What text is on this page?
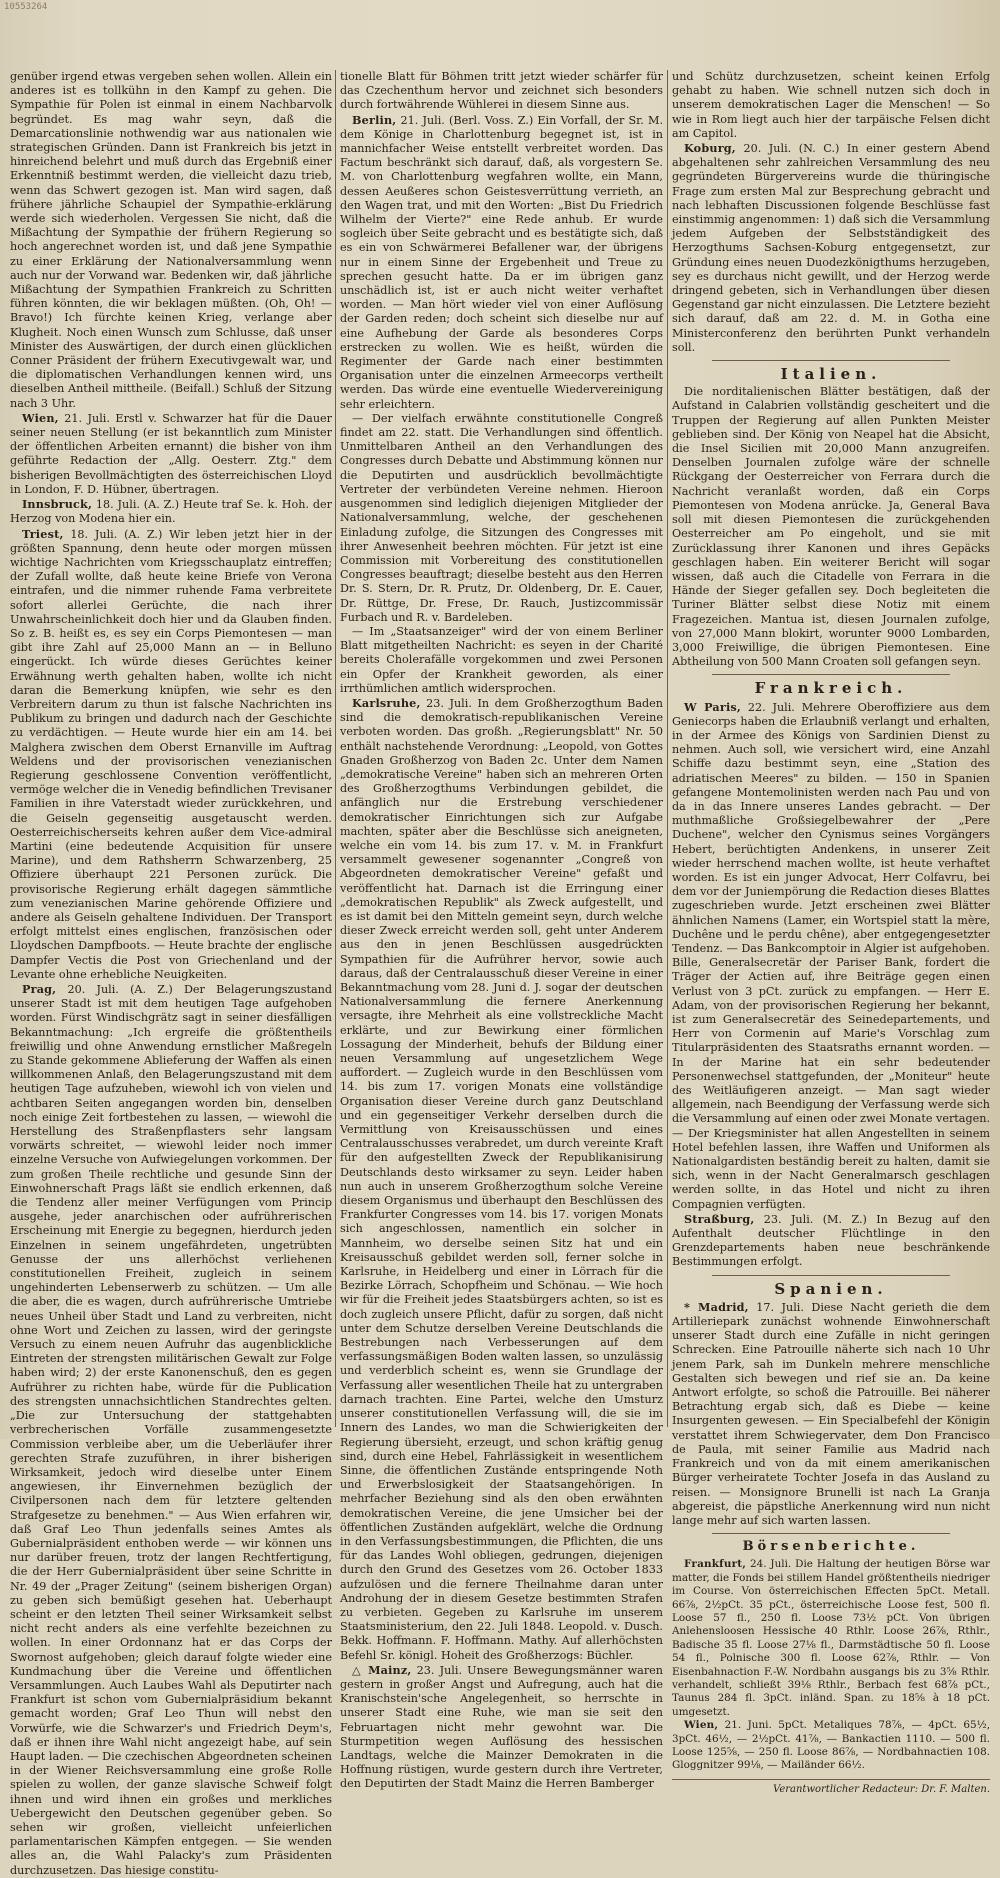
10553264

genüber irgend etwas vergeben sehen wollen. Allein ein anderes ist es tollkühn in den Kampf zu gehen. Die Sympathie für Polen ist einmal in einem Nachbarvolk begründet. Es mag wahr seyn, daß die Demarcationslinie nothwendig war aus nationalen wie strategischen Gründen. Dann ist Frankreich bis jetzt in hinreichend belehrt und muß durch das Ergebniß einer Erkenntniß bestimmt werden, die vielleicht dazu trieb, wenn das Schwert gezogen ist. Man wird sagen, daß frühere jährliche Schaupiel der Sympathie-erklärung werde sich wiederholen. Vergessen Sie nicht, daß die Mißachtung der Sympathie der frühern Regierung so hoch angerechnet worden ist, und daß jene Sympathie zu einer Erklärung der Nationalversammlung wenn auch nur der Vorwand war. Bedenken wir, daß jährliche Mißachtung der Sympathien Frankreich zu Schritten führen könnten, die wir beklagen müßten. (Oh, Oh! — Bravo!) Ich fürchte keinen Krieg, verlange aber Klugheit. Noch einen Wunsch zum Schlusse, daß unser Minister des Auswärtigen, der durch einen glücklichen Conner Präsident der frühern Executivgewalt war, und die diplomatischen Verhandlungen kennen wird, uns dieselben Antheil mittheile. (Beifall.) Schluß der Sitzung nach 3 Uhr.

Wien, 21. Juli. Erstl v. Schwarzer hat für die Dauer seiner neuen Stellung (er ist bekanntlich zum Minister der öffentlichen Arbeiten ernannt) die bisher von ihm geführte Redaction der „Allg. Oesterr. Ztg." dem bisherigen Bevollmächtigten des österreichischen Lloyd in London, F. D. Hübner, übertragen.

Innsbruck, 18. Juli. (A. Z.) Heute traf Se. k. Hoh. der Herzog von Modena hier ein.

Triest, 18. Juli. (A. Z.) Wir leben jetzt hier in der größten Spannung, denn heute oder morgen müssen wichtige Nachrichten vom Kriegsschauplatz eintreffen; der Zufall wollte, daß heute keine Briefe von Verona eintrafen, und die nimmer ruhende Fama verbreitete sofort allerlei Gerüchte, die nach ihrer Unwahrscheinlichkeit doch hier und da Glauben finden. So z. B. heißt es, es sey ein Corps Piemontesen — man gibt ihre Zahl auf 25,000 Mann an — in Belluno eingerückt. Ich würde dieses Gerüchtes keiner Erwähnung werth gehalten haben, wollte ich nicht daran die Bemerkung knüpfen, wie sehr es den Verbreitern darum zu thun ist falsche Nachrichten ins Publikum zu bringen und dadurch nach der Geschichte zu verdächtigen. — Heute wurde hier ein am 14. bei Malghera zwischen dem Oberst Ernanville im Auftrag Weldens und der provisorischen venezianischen Regierung geschlossene Convention veröffentlicht, vermöge welcher die in Venedig befindlichen Trevisaner Familien in ihre Vaterstadt wieder zurückkehren, und die Geiseln gegenseitig ausgetauscht werden. Oesterreichischerseits kehren außer dem Vice-admiral Martini (eine bedeutende Acquisition für unsere Marine), und dem Rathsherrn Schwarzenberg, 25 Offiziere überhaupt 221 Personen zurück. Die provisorische Regierung erhält dagegen sämmtliche zum venezianischen Marine gehörende Offiziere und andere als Geiseln gehaltene Individuen. Der Transport erfolgt mittelst eines englischen, französischen oder Lloydschen Dampfboots. — Heute brachte der englische Dampfer Vectis die Post von Griechenland und der Levante ohne erhebliche Neuigkeiten.

Prag, 20. Juli. (A. Z.) Der Belagerungszustand unserer Stadt ist mit dem heutigen Tage aufgehoben worden. Fürst Windischgrätz sagt in seiner diesfälligen Bekanntmachung: „Ich ergreife die größtentheils freiwillig und ohne Anwendung ernstlicher Maßregeln zu Stande gekommene Ablieferung der Waffen als einen willkommenen Anlaß, den Belagerungszustand mit dem heutigen Tage aufzuheben, wiewohl ich von vielen und achtbaren Seiten angegangen worden bin, denselben noch einige Zeit fortbestehen zu lassen, — wiewohl die Herstellung des Straßenpflasters sehr langsam vorwärts schreitet, — wiewohl leider noch immer einzelne Versuche von Aufwiegelungen vorkommen. Der zum großen Theile rechtliche und gesunde Sinn der Einwohnerschaft Prags läßt sie endlich erkennen, daß die Tendenz aller meiner Verfügungen vom Princip ausgehe, jeder anarchischen oder aufrührerischen Erscheinung mit Energie zu begegnen, hierdurch jeden Einzelnen in seinem ungefährdeten, ungetrübten Genusse der uns allerhöchst verliehenen constitutionellen Freiheit, zugleich in seinem ungehinderten Lebenserwerb zu schützen. — Um alle die aber, die es wagen, durch aufrührerische Umtriebe neues Unheil über Stadt und Land zu verbreiten, nicht ohne Wort und Zeichen zu lassen, wird der geringste Versuch zu einem neuen Aufruhr das augenblickliche Eintreten der strengsten militärischen Gewalt zur Folge haben wird; 2) der erste Kanonenschuß, den es gegen Aufrührer zu richten habe, würde für die Publication des strengsten unnachsichtlichen Standrechtes gelten. „Die zur Untersuchung der stattgehabten verbrecherischen Vorfälle zusammengesetzte Commission verbleibe aber, um die Ueberläufer ihrer gerechten Strafe zuzuführen, in ihrer bisherigen Wirksamkeit, jedoch wird dieselbe unter Einem angewiesen, ihr Einvernehmen bezüglich der Civilpersonen nach dem für letztere geltenden Strafgesetze zu benehmen." — Aus Wien erfahren wir, daß Graf Leo Thun jedenfalls seines Amtes als Gubernialpräsident enthoben werde — wir können uns nur darüber freuen, trotz der langen Rechtfertigung, die der Herr Gubernialpräsident über seine Schritte in Nr. 49 der „Prager Zeitung" (seinem bisherigen Organ) zu geben sich bemüßigt gesehen hat. Ueberhaupt scheint er den letzten Theil seiner Wirksamkeit selbst nicht recht anders als eine verfehlte bezeichnen zu wollen. In einer Ordonnanz hat er das Corps der Swornost aufgehoben; gleich darauf folgte wieder eine Kundmachung über die Vereine und öffentlichen Versammlungen. Auch Laubes Wahl als Deputirter nach Frankfurt ist schon vom Gubernialpräsidium bekannt gemacht worden; Graf Leo Thun will nebst den Vorwürfe, wie die Schwarzer's und Friedrich Deym's, daß er ihnen ihre Wahl nicht angezeigt habe, auf sein Haupt laden. — Die czechischen Abgeordneten scheinen in der Wiener Reichsversammlung eine große Rolle spielen zu wollen, der ganze slavische Schweif folgt ihnen und wird ihnen ein großes und merkliches Uebergewicht den Deutschen gegenüber geben. So sehen wir großen, vielleicht unfeierlichen parlamentarischen Kämpfen entgegen. — Sie wenden alles an, die Wahl Palacky's zum Präsidenten durchzusetzen. Das hiesige constitu-

tionelle Blatt für Böhmen tritt jetzt wieder schärfer für das Czechenthum hervor und zeichnet sich besonders durch fortwährende Wühlerei in diesem Sinne aus.

Berlin, 21. Juli. (Berl. Voss. Z.) Ein Vorfall, der Sr. M. dem Könige in Charlottenburg begegnet ist, ist in mannichfacher Weise entstellt verbreitet worden. Das Factum beschränkt sich darauf, daß, als vorgestern Se. M. von Charlottenburg wegfahren wollte, ein Mann, dessen Aeußeres schon Geistesverrüttung verrieth, an den Wagen trat, und mit den Worten: „Bist Du Friedrich Wilhelm der Vierte?" eine Rede anhub. Er wurde sogleich über Seite gebracht und es bestätigte sich, daß es ein von Schwärmerei Befallener war, der übrigens nur in einem Sinne der Ergebenheit und Treue zu sprechen gesucht hatte. Da er im übrigen ganz unschädlich ist, ist er auch nicht weiter verhaftet worden. — Man hört wieder viel von einer Auflösung der Garden reden; doch scheint sich dieselbe nur auf eine Aufhebung der Garde als besonderes Corps erstrecken zu wollen. Wie es heißt, würden die Regimenter der Garde nach einer bestimmten Organisation unter die einzelnen Armeecorps vertheilt werden. Das würde eine eventuelle Wiedervereinigung sehr erleichtern.

— Der vielfach erwähnte constitutionelle Congreß findet am 22. statt. Die Verhandlungen sind öffentlich. Unmittelbaren Antheil an den Verhandlungen des Congresses durch Debatte und Abstimmung können nur die Deputirten und ausdrücklich bevollmächtigte Vertreter der verbündeten Vereine nehmen. Hieroon ausgenommen sind lediglich diejenigen Mitglieder der Nationalversammlung, welche, der geschehenen Einladung zufolge, die Sitzungen des Congresses mit ihrer Anwesenheit beehren möchten. Für jetzt ist eine Commission mit Vorbereitung des constitutionellen Congresses beauftragt; dieselbe besteht aus den Herren Dr. S. Stern, Dr. R. Prutz, Dr. Oldenberg, Dr. E. Cauer, Dr. Rüttge, Dr. Frese, Dr. Rauch, Justizcommissär Furbach und R. v. Bardeleben.

— Im „Staatsanzeiger" wird der von einem Berliner Blatt mitgetheilten Nachricht: es seyen in der Charité bereits Cholerafälle vorgekommen und zwei Personen ein Opfer der Krankheit geworden, als einer irrthümlichen amtlich widersprochen.

Karlsruhe, 23. Juli. In dem Großherzogthum Baden sind die demokratisch-republikanischen Vereine verboten worden. Das großh. „Regierungsblatt" Nr. 50 enthält nachstehende Verordnung: „Leopold, von Gottes Gnaden Großherzog von Baden 2c. Unter dem Namen „demokratische Vereine" haben sich an mehreren Orten des Großherzogthums Verbindungen gebildet, die anfänglich nur die Erstrebung verschiedener demokratischer Einrichtungen sich zur Aufgabe machten, später aber die Beschlüsse sich aneigneten, welche ein vom 14. bis zum 17. v. M. in Frankfurt versammelt gewesener sogenannter „Congreß von Abgeordneten demokratischer Vereine" gefaßt und veröffentlicht hat. Darnach ist die Erringung einer „demokratischen Republik" als Zweck aufgestellt, und es ist damit bei den Mitteln gemeint seyn, durch welche dieser Zweck erreicht werden soll, geht unter Anderem aus den in jenen Beschlüssen ausgedrückten Sympathien für die Aufrührer hervor, sowie auch daraus, daß der Centralausschuß dieser Vereine in einer Bekanntmachung vom 28. Juni d. J. sogar der deutschen Nationalversammlung die fernere Anerkennung versagte, ihre Mehrheit als eine vollstreckliche Macht erklärte, und zur Bewirkung einer förmlichen Lossagung der Minderheit, behufs der Bildung einer neuen Versammlung auf ungesetzlichem Wege auffordert. — Zugleich wurde in den Beschlüssen vom 14. bis zum 17. vorigen Monats eine vollständige Organisation dieser Vereine durch ganz Deutschland und ein gegenseitiger Verkehr derselben durch die Vermittlung von Kreisausschüssen und eines Centralausschusses verabredet, um durch vereinte Kraft für den aufgestellten Zweck der Republikanisirung Deutschlands desto wirksamer zu seyn. Leider haben nun auch in unserem Großherzogthum solche Vereine diesem Organismus und überhaupt den Beschlüssen des Frankfurter Congresses vom 14. bis 17. vorigen Monats sich angeschlossen, namentlich ein solcher in Mannheim, wo derselbe seinen Sitz hat und ein Kreisausschuß gebildet werden soll, ferner solche in Karlsruhe, in Heidelberg und einer in Lörrach für die Bezirke Lörrach, Schopfheim und Schönau. — Wie hoch wir für die Freiheit jedes Staatsbürgers achten, so ist es doch zugleich unsere Pflicht, dafür zu sorgen, daß nicht unter dem Schutze derselben Vereine Deutschlands die Bestrebungen nach Verbesserungen auf dem verfassungsmäßigen Boden walten lassen, so unzulässig und verderblich scheint es, wenn sie Grundlage der Verfassung aller wesentlichen Theile hat zu untergraben darnach trachten. Eine Partei, welche den Umsturz unserer constitutionellen Verfassung will, die sie im Innern des Landes, wo man die Schwierigkeiten der Regierung übersieht, erzeugt, und schon kräftig genug sind, durch eine Hebel, Fahrlässigkeit in wesentlichem Sinne, die öffentlichen Zustände entspringende Noth und Erwerbslosigkeit der Staatsangehörigen. In mehrfacher Beziehung sind als den oben erwähnten demokratischen Vereine, die jene Umsicher bei der öffentlichen Zuständen aufgeklärt, welche die Ordnung in den Verfassungsbestimmungen, die Pflichten, die uns für das Landes Wohl obliegen, gedrungen, diejenigen durch den Grund des Gesetzes vom 26. October 1833 aufzulösen und die fernere Theilnahme daran unter Androhung der in diesem Gesetze bestimmten Strafen zu verbieten. Gegeben zu Karlsruhe im unserem Staatsministerium, den 22. Juli 1848. Leopold. v. Dusch. Bekk. Hoffmann. F. Hoffmann. Mathy. Auf allerhöchsten Befehl Sr. königl. Hoheit des Großherzogs: Büchler.

△ Mainz, 23. Juli. Unsere Bewegungsmänner waren gestern in großer Angst und Aufregung, auch hat die Kranischstein'sche Angelegenheit, so herrschte in unserer Stadt eine Ruhe, wie man sie seit den Februartagen nicht mehr gewohnt war. Die Sturmpetition wegen Auflösung des hessischen Landtags, welche die Mainzer Demokraten in die Hoffnung rüstigen, wurde gestern durch ihre Vertreter, den Deputirten der Stadt Mainz die Herren Bamberger

und Schütz durchzusetzen, scheint keinen Erfolg gehabt zu haben. Wie schnell nutzen sich doch in unserem demokratischen Lager die Menschen! — So wie in Rom liegt auch hier der tarpäische Felsen dicht am Capitol.

Koburg, 20. Juli. (N. C.) In einer gestern Abend abgehaltenen sehr zahlreichen Versammlung des neu gegründeten Bürgervereins wurde die thüringische Frage zum ersten Mal zur Besprechung gebracht und nach lebhaften Discussionen folgende Beschlüsse fast einstimmig angenommen: 1) daß sich die Versammlung jedem Aufgeben der Selbstständigkeit des Herzogthums Sachsen-Koburg entgegensetzt, zur Gründung eines neuen Duodezkönigthums herzugeben, sey es durchaus nicht gewillt, und der Herzog werde dringend gebeten, sich in Verhandlungen über diesen Gegenstand gar nicht einzulassen. Die Letztere bezieht sich darauf, daß am 22. d. M. in Gotha eine Ministerconferenz den berührten Punkt verhandeln soll.

Italien.

Die norditalienischen Blätter bestätigen, daß der Aufstand in Calabrien vollständig gescheitert und die Truppen der Regierung auf allen Punkten Meister geblieben sind. Der König von Neapel hat die Absicht, die Insel Sicilien mit 20,000 Mann anzugreifen. Denselben Journalen zufolge wäre der schnelle Rückgang der Oesterreicher von Ferrara durch die Nachricht veranlaßt worden, daß ein Corps Piemontesen von Modena anrücke. Ja, General Bava soll mit diesen Piemontesen die zurückgehenden Oesterreicher am Po eingeholt, und sie mit Zurücklassung ihrer Kanonen und ihres Gepäcks geschlagen haben. Ein weiterer Bericht will sogar wissen, daß auch die Citadelle von Ferrara in die Hände der Sieger gefallen sey. Doch begleiteten die Turiner Blätter selbst diese Notiz mit einem Fragezeichen. Mantua ist, diesen Journalen zufolge, von 27,000 Mann blokirt, worunter 9000 Lombarden, 3,000 Freiwillige, die übrigen Piemontesen. Eine Abtheilung von 500 Mann Croaten soll gefangen seyn.

Frankreich.

W Paris, 22. Juli. Mehrere Oberoffiziere aus dem Geniecorps haben die Erlaubniß verlangt und erhalten, in der Armee des Königs von Sardinien Dienst zu nehmen. Auch soll, wie versichert wird, eine Anzahl Schiffe dazu bestimmt seyn, eine „Station des adriatischen Meeres" zu bilden. — 150 in Spanien gefangene Montemolinisten werden nach Pau und von da in das Innere unseres Landes gebracht. — Der muthmaßliche Großsiegelbewahrer der „Pere Duchene", welcher den Cynismus seines Vorgängers Hebert, berüchtigten Andenkens, in unserer Zeit wieder herrschend machen wollte, ist heute verhaftet worden. Es ist ein junger Advocat, Herr Colfavru, bei dem vor der Juniempörung die Redaction dieses Blattes zugeschrieben wurde. Jetzt erscheinen zwei Blätter ähnlichen Namens (Lamer, ein Wortspiel statt la mère, Duchêne und le perdu chêne), aber entgegengesetzter Tendenz. — Das Bankcomptoir in Algier ist aufgehoben. Bille, Generalsecretär der Pariser Bank, fordert die Träger der Actien auf, ihre Beiträge gegen einen Verlust von 3 pCt. zurück zu empfangen. — Herr E. Adam, von der provisorischen Regierung her bekannt, ist zum Generalsecretär des Seinedepartements, und Herr von Cormenin auf Marie's Vorschlag zum Titularpräsidenten des Staatsraths ernannt worden. — In der Marine hat ein sehr bedeutender Personenwechsel stattgefunden, der „Moniteur" heute des Weitläufigeren anzeigt. — Man sagt wieder allgemein, nach Beendigung der Verfassung werde sich die Versammlung auf einen oder zwei Monate vertagen. — Der Kriegsminister hat allen Angestellten in seinem Hotel befehlen lassen, ihre Waffen und Uniformen als Nationalgardisten beständig bereit zu halten, damit sie sich, wenn in der Nacht Generalmarsch geschlagen werden sollte, in das Hotel und nicht zu ihren Compagnien verfügten.

Straßburg, 23. Juli. (M. Z.) In Bezug auf den Aufenthalt deutscher Flüchtlinge in den Grenzdepartements haben neue beschränkende Bestimmungen erfolgt.

Spanien.

* Madrid, 17. Juli. Diese Nacht gerieth die dem Artilleriepark zunächst wohnende Einwohnerschaft unserer Stadt durch eine Zufälle in nicht geringen Schrecken. Eine Patrouille näherte sich nach 10 Uhr jenem Park, sah im Dunkeln mehrere menschliche Gestalten sich bewegen und rief sie an. Da keine Antwort erfolgte, so schoß die Patrouille. Bei näherer Betrachtung ergab sich, daß es Diebe — keine Insurgenten gewesen. — Ein Specialbefehl der Königin verstattet ihrem Schwiegervater, dem Don Francisco de Paula, mit seiner Familie aus Madrid nach Frankreich und von da mit einem amerikanischen Bürger verheiratete Tochter Josefa in das Ausland zu reisen. — Monsignore Brunelli ist nach La Granja abgereist, die päpstliche Anerkennung wird nun nicht lange mehr auf sich warten lassen.

Börsenberichte.

Frankfurt, 24. Juli. Die Haltung der heutigen Börse war matter, die Fonds bei stillem Handel größtentheils niedriger im Course. Von österreichischen Effecten 5pCt. Metall. 66⅞, 2½pCt. 35 pCt., österreichische Loose fest, 500 fl. Loose 57 fl., 250 fl. Loose 73½ pCt. Von übrigen Anlehensloosen Hessische 40 Rthlr. Loose 26⅞, Rthlr., Badische 35 fl. Loose 27⅛ fl., Darmstädtische 50 fl. Loose 54 fl., Polnische 300 fl. Loose 62⅞, Rthlr. — Von Eisenbahnaction F.-W. Nordbahn ausgangs bis zu 3⅝ Rthlr. verhandelt, schließt 39⅛ Rthlr., Berbach fest 68⅞ pCt., Taunus 284 fl. 3pCt. inländ. Span. zu 18⅝ à 18 pCt. umgesetzt.

Wien, 21. Juni. 5pCt. Metaliques 78⅞, — 4pCt. 65½, 3pCt. 46½, — 2½pCt. 41⅞, — Bankactien 1110. — 500 fl. Loose 125⅝, — 250 fl. Loose 86⅞, — Nordbahnactien 108. Gloggnitzer 99⅛, — Mailänder 66½.

Verantwortlicher Redacteur: Dr. F. Malten.
